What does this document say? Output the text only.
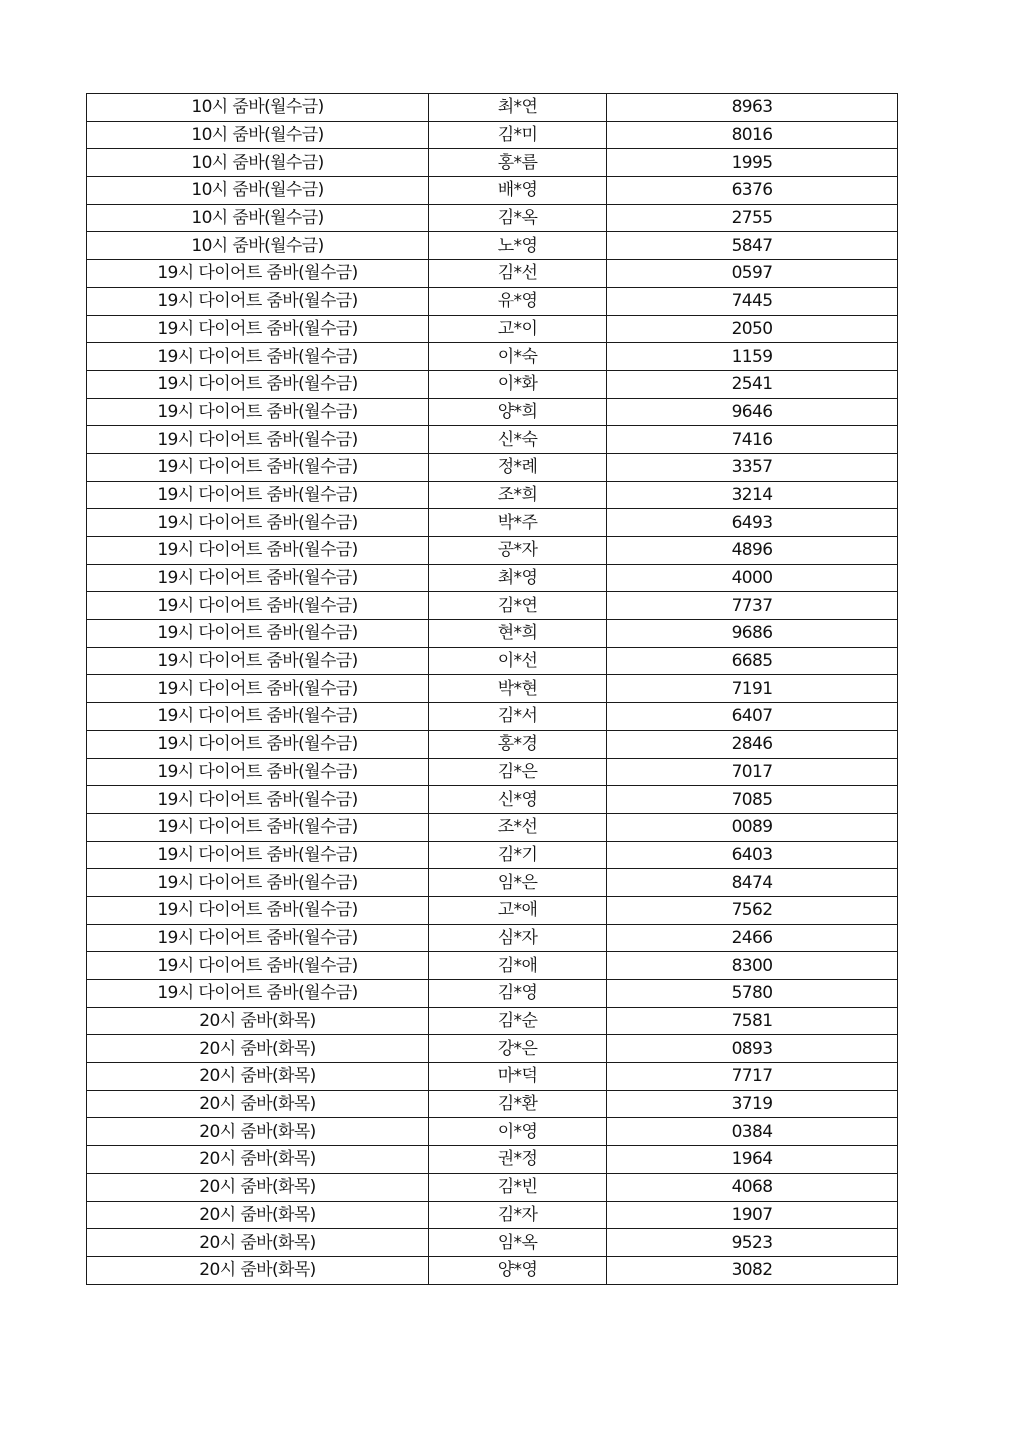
10시 줌바(월수금)	최*연	8963
10시 줌바(월수금)	김*미	8016
10시 줌바(월수금)	홍*름	1995
10시 줌바(월수금)	배*영	6376
10시 줌바(월수금)	김*옥	2755
10시 줌바(월수금)	노*영	5847
19시 다이어트 줌바(월수금)	김*선	0597
19시 다이어트 줌바(월수금)	유*영	7445
19시 다이어트 줌바(월수금)	고*이	2050
19시 다이어트 줌바(월수금)	이*숙	1159
19시 다이어트 줌바(월수금)	이*화	2541
19시 다이어트 줌바(월수금)	양*희	9646
19시 다이어트 줌바(월수금)	신*숙	7416
19시 다이어트 줌바(월수금)	정*례	3357
19시 다이어트 줌바(월수금)	조*희	3214
19시 다이어트 줌바(월수금)	박*주	6493
19시 다이어트 줌바(월수금)	공*자	4896
19시 다이어트 줌바(월수금)	최*영	4000
19시 다이어트 줌바(월수금)	김*연	7737
19시 다이어트 줌바(월수금)	현*희	9686
19시 다이어트 줌바(월수금)	이*선	6685
19시 다이어트 줌바(월수금)	박*현	7191
19시 다이어트 줌바(월수금)	김*서	6407
19시 다이어트 줌바(월수금)	홍*경	2846
19시 다이어트 줌바(월수금)	김*은	7017
19시 다이어트 줌바(월수금)	신*영	7085
19시 다이어트 줌바(월수금)	조*선	0089
19시 다이어트 줌바(월수금)	김*기	6403
19시 다이어트 줌바(월수금)	임*은	8474
19시 다이어트 줌바(월수금)	고*애	7562
19시 다이어트 줌바(월수금)	심*자	2466
19시 다이어트 줌바(월수금)	김*애	8300
19시 다이어트 줌바(월수금)	김*영	5780
20시 줌바(화목)	김*순	7581
20시 줌바(화목)	강*은	0893
20시 줌바(화목)	마*덕	7717
20시 줌바(화목)	김*환	3719
20시 줌바(화목)	이*영	0384
20시 줌바(화목)	권*정	1964
20시 줌바(화목)	김*빈	4068
20시 줌바(화목)	김*자	1907
20시 줌바(화목)	임*옥	9523
20시 줌바(화목)	양*영	3082
